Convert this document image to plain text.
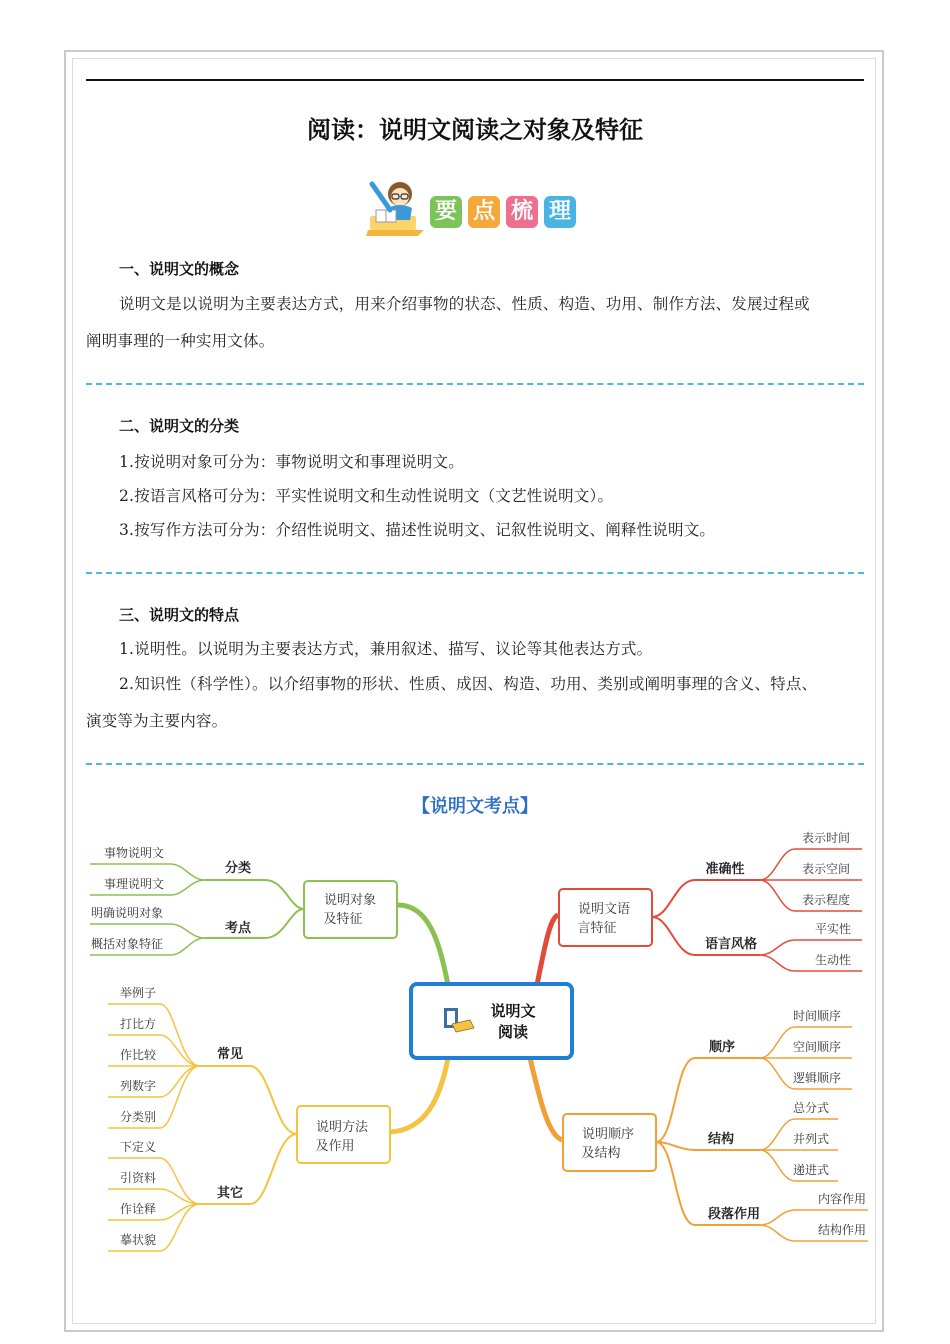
阅读：说明文阅读之对象及特征
要 点 梳 理
一、说明文的概念
说明文是以说明为主要表达方式，用来介绍事物的状态、性质、构造、功用、制作方法、发展过程或
阐明事理的一种实用文体。
二、说明文的分类
1.按说明对象可分为：事物说明文和事理说明文。
2.按语言风格可分为：平实性说明文和生动性说明文（文艺性说明文）。
3.按写作方法可分为：介绍性说明文、描述性说明文、记叙性说明文、阐释性说明文。
三、说明文的特点
1.说明性。以说明为主要表达方式，兼用叙述、描写、议论等其他表达方式。
2.知识性（科学性）。以介绍事物的形状、性质、成因、构造、功用、类别或阐明事理的含义、特点、
演变等为主要内容。
【说明文考点】
说明文
阅读
说明对象
及特征
分类
考点
事物说明文
事理说明文
明确说明对象
概括对象特征
说明方法
及作用
常见
其它
举例子
打比方
作比较
列数字
分类别
下定义
引资料
作诠释
摹状貌
说明文语
言特征
准确性
语言风格
表示时间
表示空间
表示程度
平实性
生动性
说明顺序
及结构
顺序
结构
段落作用
时间顺序
空间顺序
逻辑顺序
总分式
并列式
递进式
内容作用
结构作用
